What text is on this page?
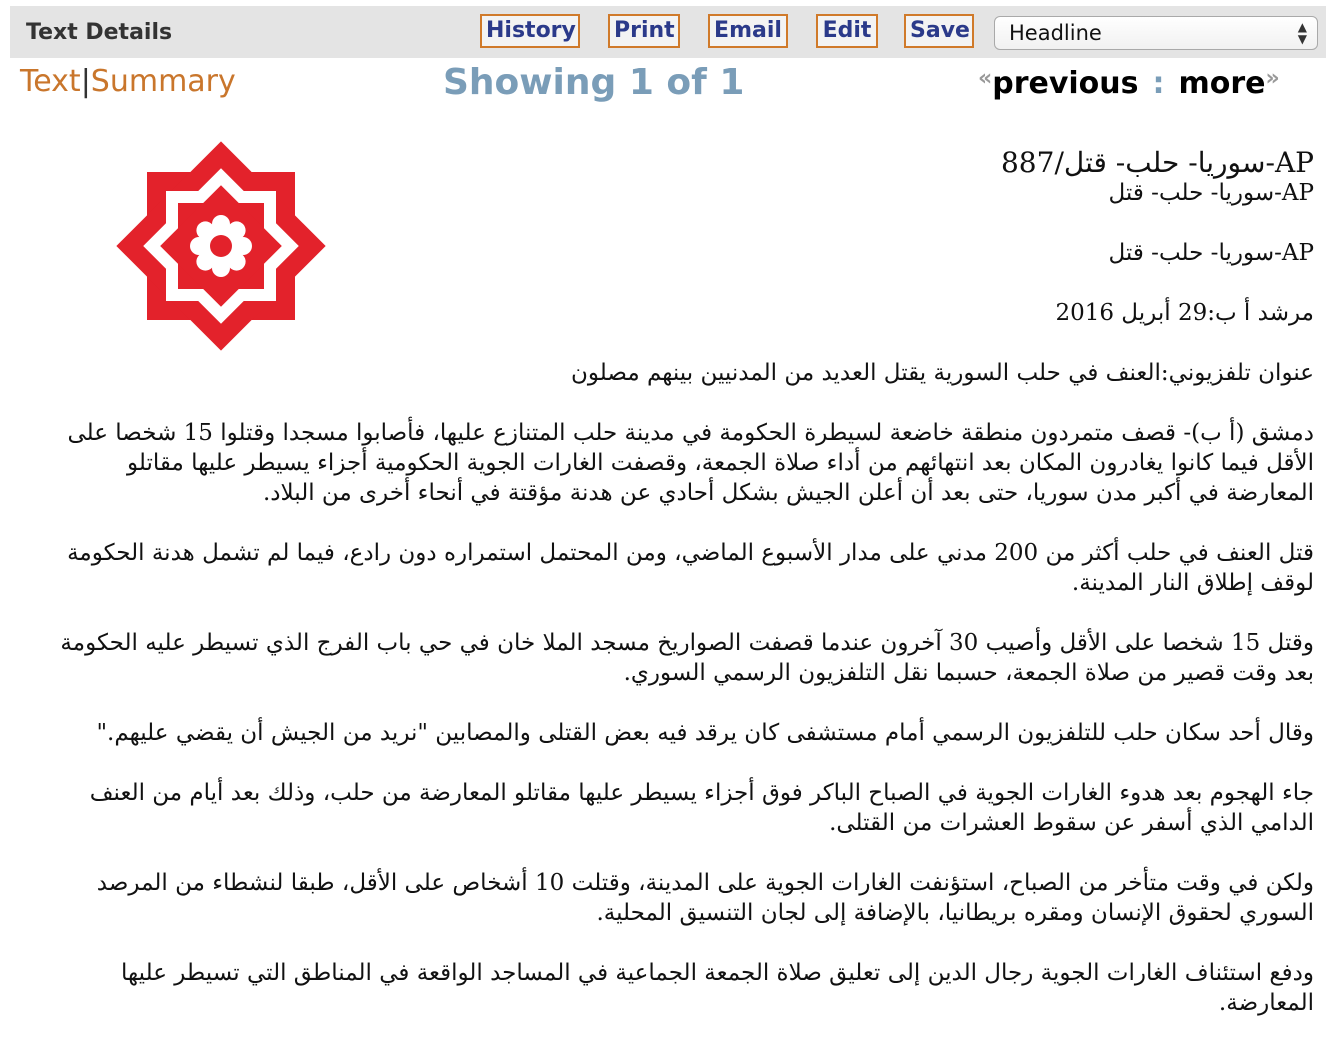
Text Details	History Print Email Edit Save	Headline	▲
▼
Text|Summary	Showing 1 of 1	«previous : more»

AP-سوريا- حلب- قتل/887

AP-سوريا- حلب- قتل

AP-سوريا- حلب- قتل

مرشد أ ب:29 أبريل 2016

عنوان تلفزيوني:العنف في حلب السورية يقتل العديد من المدنيين بينهم مصلون

دمشق (أ ب)- قصف متمردون منطقة خاضعة لسيطرة الحكومة في مدينة حلب المتنازع عليها، فأصابوا مسجدا وقتلوا 15 شخصا على الأقل فيما كانوا يغادرون المكان بعد انتهائهم من أداء صلاة الجمعة، وقصفت الغارات الجوية الحكومية أجزاء يسيطر عليها مقاتلو المعارضة في أكبر مدن سوريا، حتى بعد أن أعلن الجيش بشكل أحادي عن هدنة مؤقتة في أنحاء أخرى من البلاد.

قتل العنف في حلب أكثر من 200 مدني على مدار الأسبوع الماضي، ومن المحتمل استمراره دون رادع، فيما لم تشمل هدنة الحكومة لوقف إطلاق النار المدينة.

وقتل 15 شخصا على الأقل وأصيب 30 آخرون عندما قصفت الصواريخ مسجد الملا خان في حي باب الفرج الذي تسيطر عليه الحكومة بعد وقت قصير من صلاة الجمعة، حسبما نقل التلفزيون الرسمي السوري.

وقال أحد سكان حلب للتلفزيون الرسمي أمام مستشفى كان يرقد فيه بعض القتلى والمصابين "نريد من الجيش أن يقضي عليهم."

جاء الهجوم بعد هدوء الغارات الجوية في الصباح الباكر فوق أجزاء يسيطر عليها مقاتلو المعارضة من حلب، وذلك بعد أيام من العنف الدامي الذي أسفر عن سقوط العشرات من القتلى.

ولكن في وقت متأخر من الصباح، استؤنفت الغارات الجوية على المدينة، وقتلت 10 أشخاص على الأقل، طبقا لنشطاء من المرصد السوري لحقوق الإنسان ومقره بريطانيا، بالإضافة إلى لجان التنسيق المحلية.

ودفع استئناف الغارات الجوية رجال الدين إلى تعليق صلاة الجمعة الجماعية في المساجد الواقعة في المناطق التي تسيطر عليها المعارضة.
